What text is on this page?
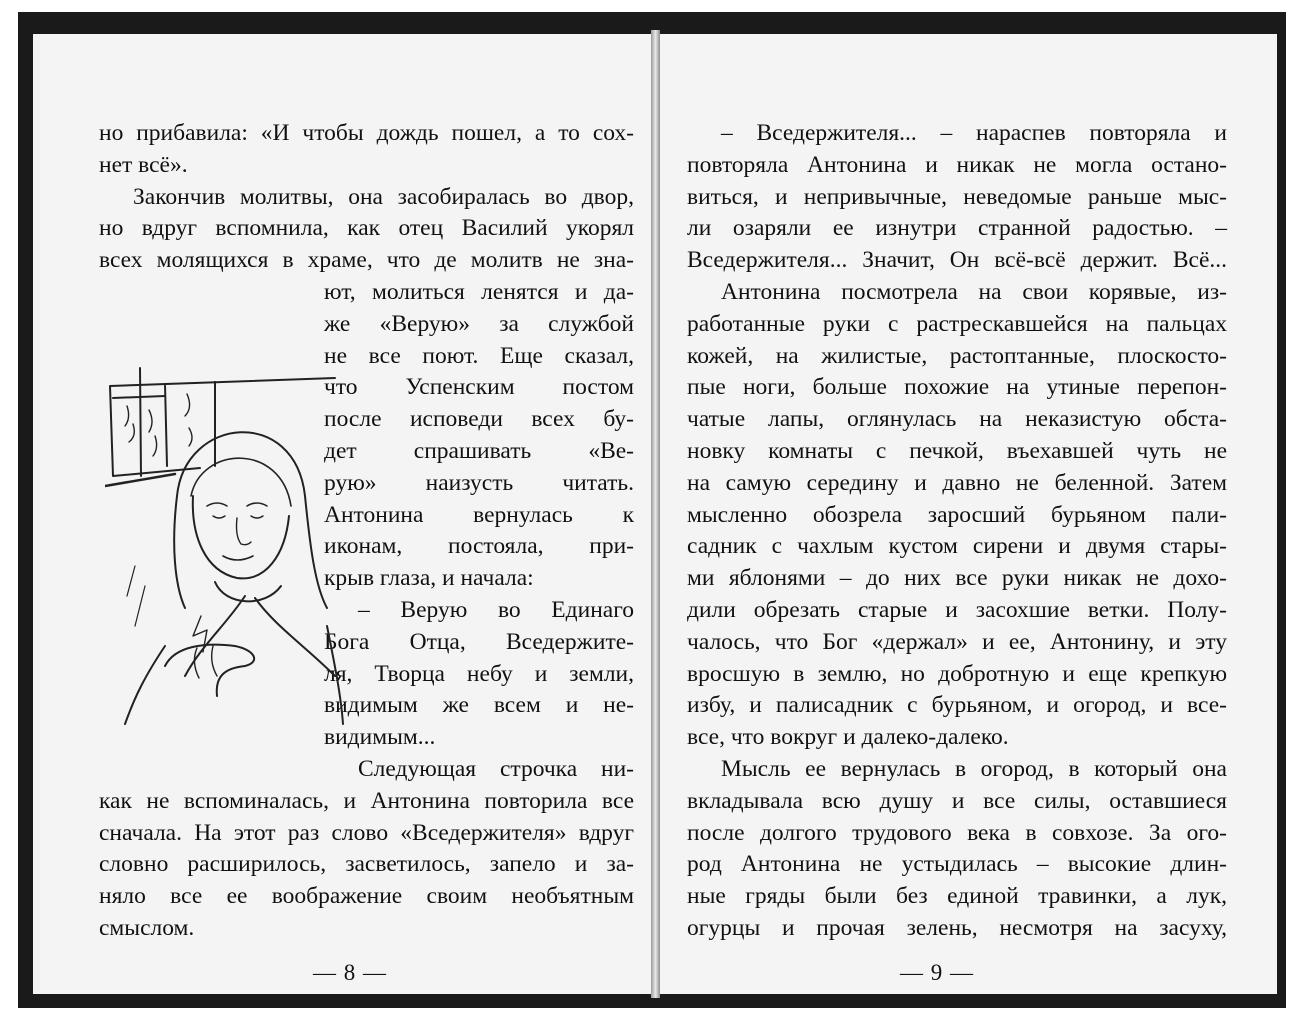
но прибавила: «И чтобы дождь пошел, а то сох-
нет всё».
Закончив молитвы, она засобиралась во двор,
но вдруг вспомнила, как отец Василий укорял
всех молящихся в храме, что де молитв не зна-
ют, молиться ленятся и да-
же «Верую» за службой
не все поют. Еще сказал,
что Успенским постом
после исповеди всех бу-
дет спрашивать «Ве-
рую» наизусть читать.
Антонина вернулась к
иконам, постояла, при-
крыв глаза, и начала:
– Верую во Единаго
Бога Отца, Вседержите-
ля, Творца небу и земли,
видимым же всем и не-
видимым...
Следующая строчка ни-
как не вспоминалась, и Антонина повторила все
сначала. На этот раз слово «Вседержителя» вдруг
словно расширилось, засветилось, запело и за-
няло все ее воображение своим необъятным
смыслом.
— 8 —
– Вседержителя... – нараспев повторяла и
повторяла Антонина и никак не могла остано-
виться, и непривычные, неведомые раньше мыс-
ли озаряли ее изнутри странной радостью. –
Вседержителя... Значит, Он всё-всё держит. Всё...
Антонина посмотрела на свои корявые, из-
работанные руки с растрескавшейся на пальцах
кожей, на жилистые, растоптанные, плоскосто-
пые ноги, больше похожие на утиные перепон-
чатые лапы, оглянулась на неказистую обста-
новку комнаты с печкой, въехавшей чуть не
на самую середину и давно не беленной. Затем
мысленно обозрела заросший бурьяном пали-
садник с чахлым кустом сирени и двумя стары-
ми яблонями – до них все руки никак не дохо-
дили обрезать старые и засохшие ветки. Полу-
чалось, что Бог «держал» и ее, Антонину, и эту
вросшую в землю, но добротную и еще крепкую
избу, и палисадник с бурьяном, и огород, и все-
все, что вокруг и далеко-далеко.
Мысль ее вернулась в огород, в который она
вкладывала всю душу и все силы, оставшиеся
после долгого трудового века в совхозе. За ого-
род Антонина не устыдилась – высокие длин-
ные гряды были без единой травинки, а лук,
огурцы и прочая зелень, несмотря на засуху,
— 9 —
